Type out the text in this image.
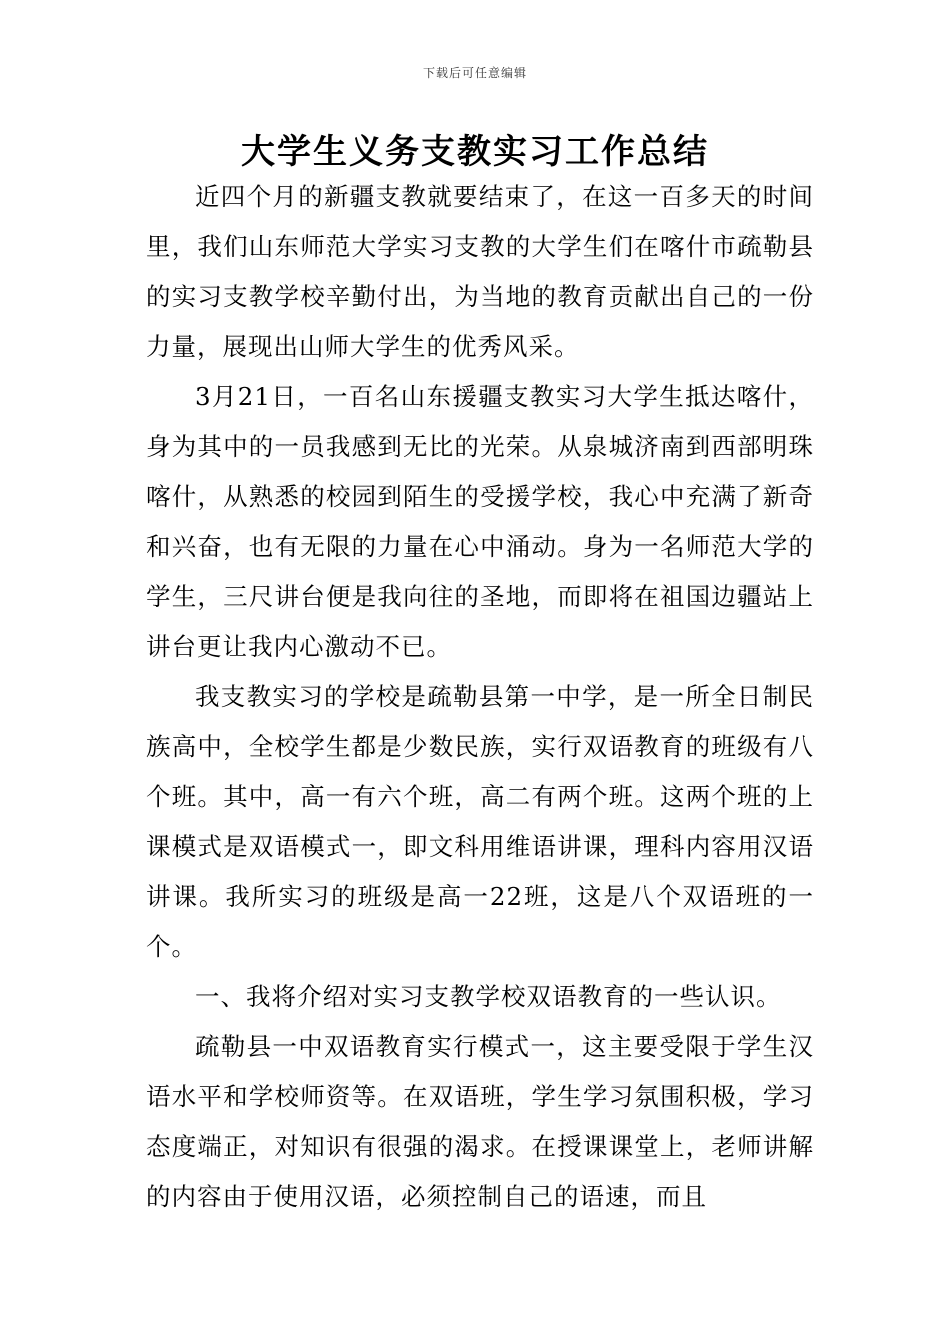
下载后可任意编辑
大学生义务支教实习工作总结

近四个月的新疆支教就要结束了，在这一百多天的时间里，我们山东师范大学实习支教的大学生们在喀什市疏勒县的实习支教学校辛勤付出，为当地的教育贡献出自己的一份力量，展现出山师大学生的优秀风采。

3月21日，一百名山东援疆支教实习大学生抵达喀什，身为其中的一员我感到无比的光荣。从泉城济南到西部明珠喀什，从熟悉的校园到陌生的受援学校，我心中充满了新奇和兴奋，也有无限的力量在心中涌动。身为一名师范大学的学生，三尺讲台便是我向往的圣地，而即将在祖国边疆站上讲台更让我内心激动不已。

我支教实习的学校是疏勒县第一中学，是一所全日制民族高中，全校学生都是少数民族，实行双语教育的班级有八个班。其中，高一有六个班，高二有两个班。这两个班的上课模式是双语模式一，即文科用维语讲课，理科内容用汉语讲课。我所实习的班级是高一22班，这是八个双语班的一个。

一、我将介绍对实习支教学校双语教育的一些认识。

疏勒县一中双语教育实行模式一，这主要受限于学生汉语水平和学校师资等。在双语班，学生学习氛围积极，学习态度端正，对知识有很强的渴求。在授课课堂上，老师讲解的内容由于使用汉语，必须控制自己的语速，而且
